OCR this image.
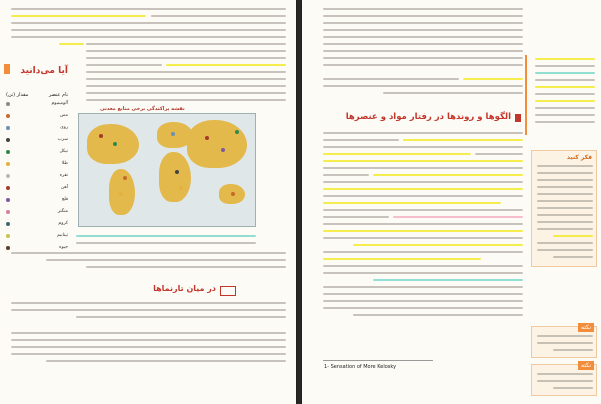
آیا می‌دانید
نام عنصر
مقدار (تن)
آلومینیوم
مس
روی
سرب
نیکل
طلا
نقره
آهن
قلع
منگنز
کروم
تیتانیم
جیوه
نقشه پراکندگی برخی منابع معدنی
در میان تارنماها
الگوها و روندها در رفتار مواد و عنصرها
1- Sensation of More Kelosky
فکر کنید
نکته
نکته
